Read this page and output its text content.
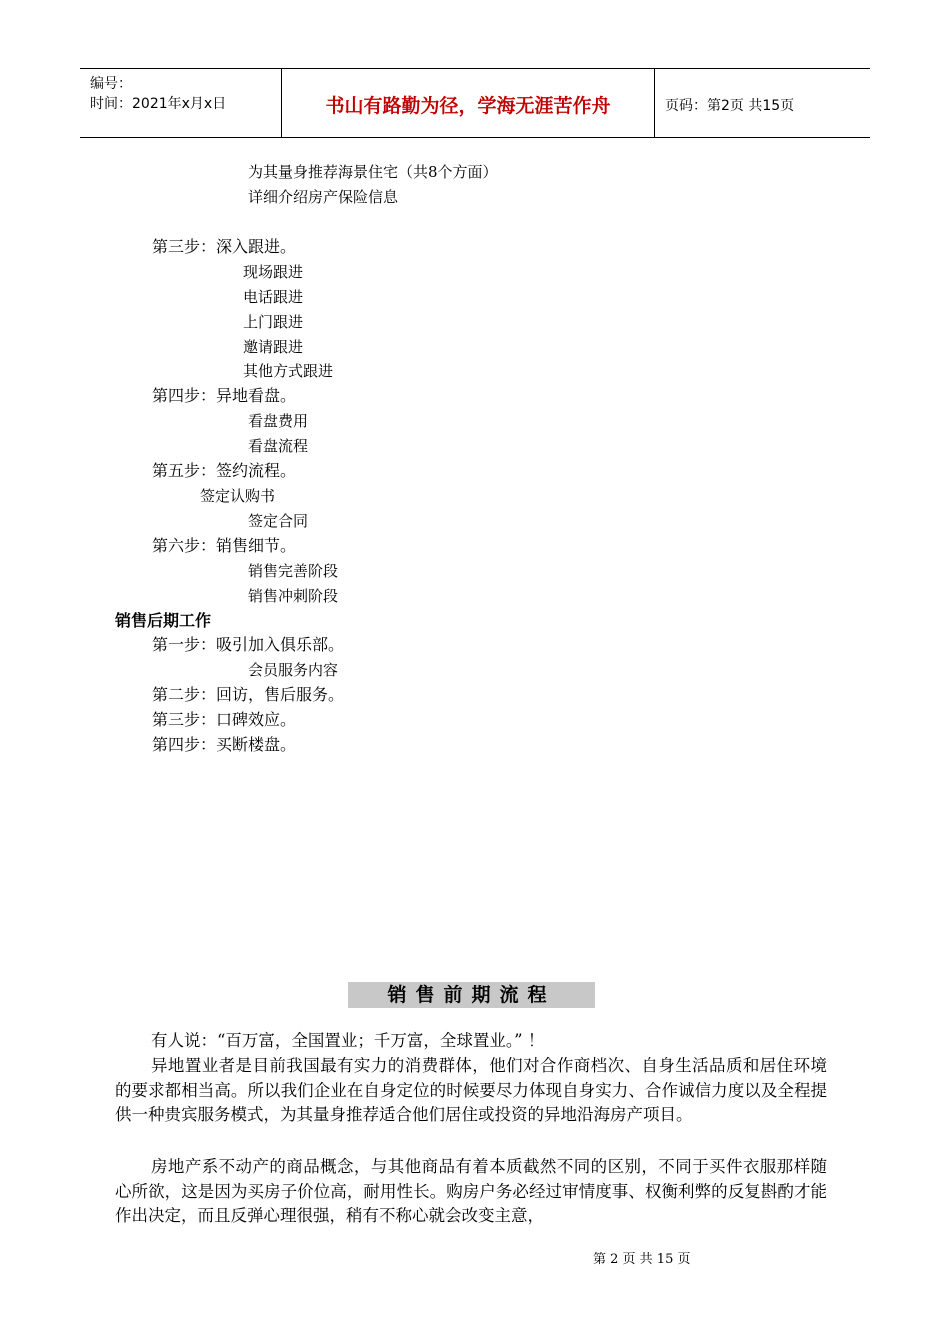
编号：
时间：2021年x月x日	书山有路勤为径，学海无涯苦作舟	页码：第2页 共15页
为其量身推荐海景住宅（共8个方面）
详细介绍房产保险信息
第三步：深入跟进。
现场跟进
电话跟进
上门跟进
邀请跟进
其他方式跟进
第四步：异地看盘。
看盘费用
看盘流程
第五步：签约流程。
签定认购书
签定合同
第六步：销售细节。
销售完善阶段
销售冲刺阶段
销售后期工作
第一步：吸引加入俱乐部。
会员服务内容
第二步：回访，售后服务。
第三步：口碑效应。
第四步：买断楼盘。
销售前期流程
有人说：“百万富，全国置业；千万富，全球置业。” ！
异地置业者是目前我国最有实力的消费群体，他们对合作商档次、自身生活品质和居住环境的要求都相当高。所以我们企业在自身定位的时候要尽力体现自身实力、合作诚信力度以及全程提供一种贵宾服务模式，为其量身推荐适合他们居住或投资的异地沿海房产项目。
房地产系不动产的商品概念，与其他商品有着本质截然不同的区别，不同于买件衣服那样随心所欲，这是因为买房子价位高，耐用性长。购房户务必经过审情度事、权衡利弊的反复斟酌才能作出决定，而且反弹心理很强，稍有不称心就会改变主意，
第 2 页 共 15 页
